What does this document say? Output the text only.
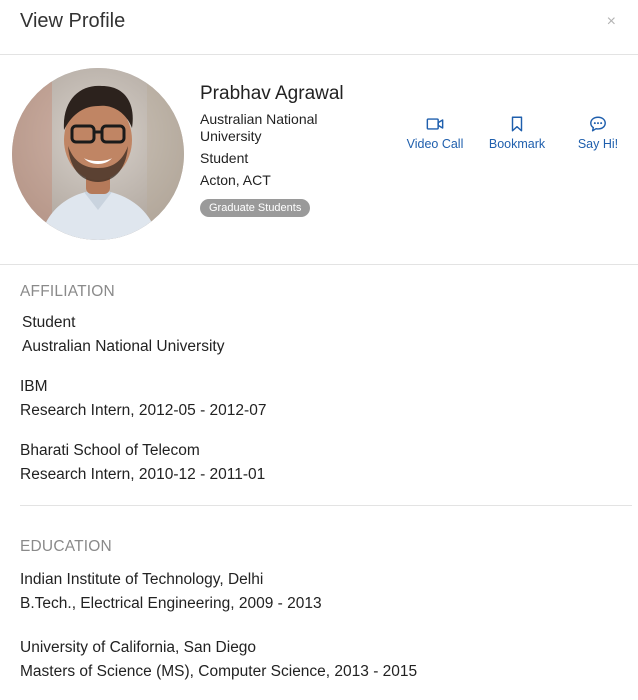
View Profile	×
Prabhav Agrawal
Australian National University
Student
Acton, ACT
Graduate Students
Video Call	Bookmark	Say Hi!
AFFILIATION
Student
Australian National University
IBM
Research Intern, 2012-05 - 2012-07
Bharati School of Telecom
Research Intern, 2010-12 - 2011-01
EDUCATION
Indian Institute of Technology, Delhi
B.Tech., Electrical Engineering, 2009 - 2013
University of California, San Diego
Masters of Science (MS), Computer Science, 2013 - 2015
